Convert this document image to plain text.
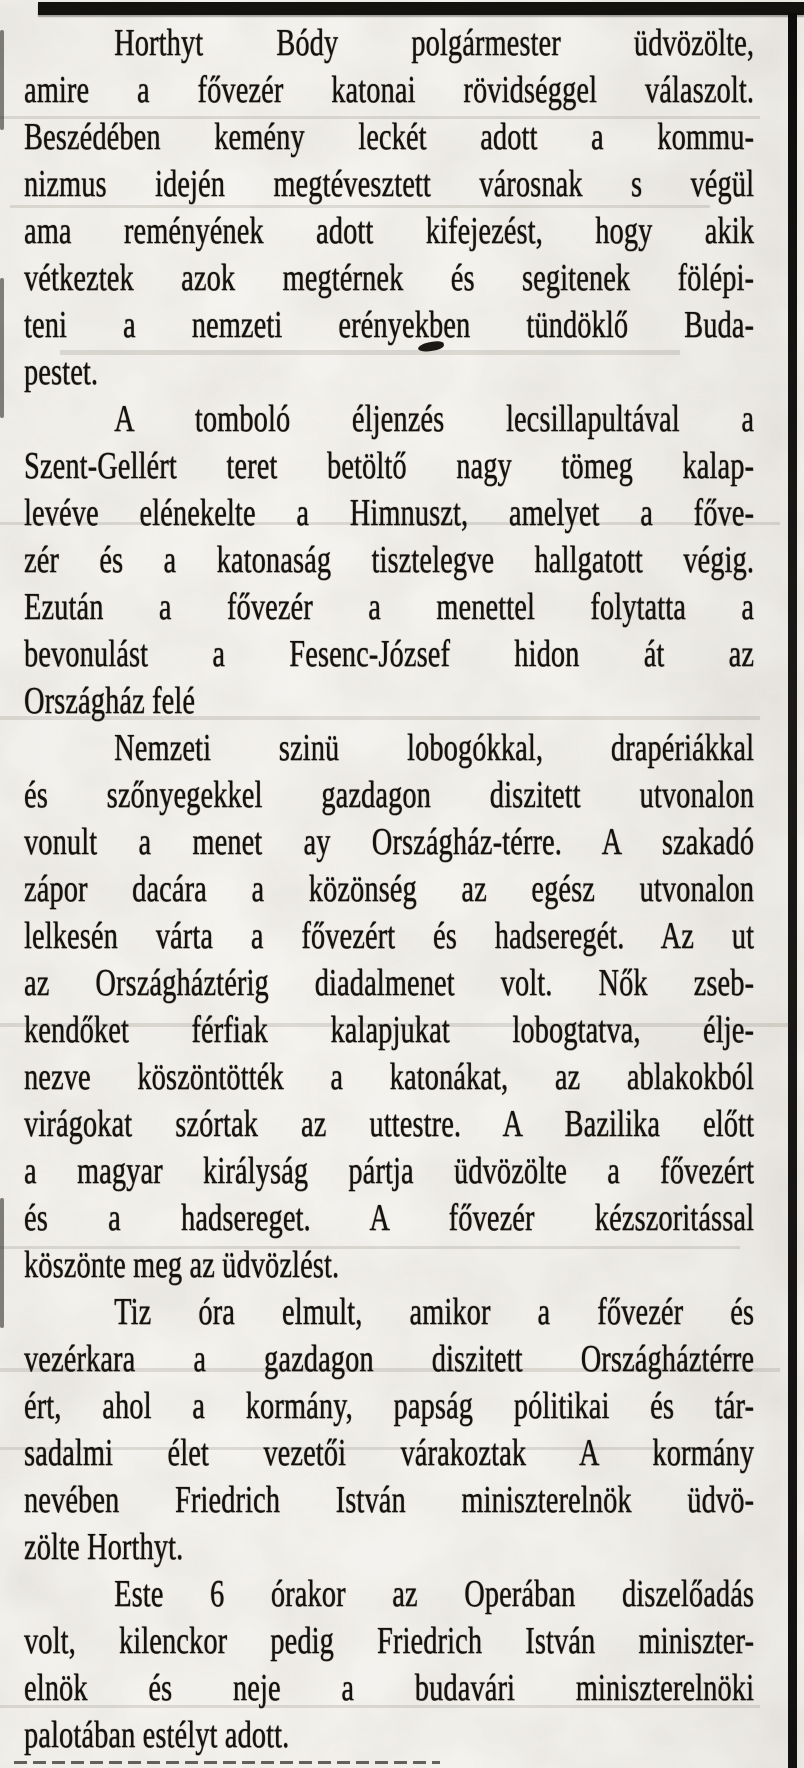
Horthyt Bódy polgármester üdvözölte,
amire a fővezér katonai rövidséggel válaszolt.
Beszédében kemény leckét adott a kommu-
nizmus idején megtévesztett városnak s végül
ama reményének adott kifejezést, hogy akik
vétkeztek azok megtérnek és segitenek fölépi-
teni a nemzeti erényekben tündöklő Buda-
pestet.
A tomboló éljenzés lecsillapultával a
Szent-Gellért teret betöltő nagy tömeg kalap-
levéve elénekelte a Himnuszt, amelyet a főve-
zér és a katonaság tisztelegve hallgatott végig.
Ezután a fővezér a menettel folytatta a
bevonulást a Fesenc-József hidon át az
Országház felé
Nemzeti szinü lobogókkal, drapériákkal
és szőnyegekkel gazdagon diszitett utvonalon
vonult a menet ay Országház-térre. A szakadó
zápor dacára a közönség az egész utvonalon
lelkesén várta a fővezért és hadseregét. Az ut
az Országháztérig diadalmenet volt. Nők zseb-
kendőket férfiak kalapjukat lobogtatva, élje-
nezve köszöntötték a katonákat, az ablakokból
virágokat szórtak az uttestre. A Bazilika előtt
a magyar királyság pártja üdvözölte a fővezért
és a hadsereget. A fővezér kézszoritással
köszönte meg az üdvözlést.
Tiz óra elmult, amikor a fővezér és
vezérkara a gazdagon diszitett Országháztérre
ért, ahol a kormány, papság pólitikai és tár-
sadalmi élet vezetői várakoztak A kormány
nevében Friedrich István miniszterelnök üdvö-
zölte Horthyt.
Este 6 órakor az Operában diszelőadás
volt, kilenckor pedig Friedrich István miniszter-
elnök és neje a budavári miniszterelnöki
palotában estélyt adott.
